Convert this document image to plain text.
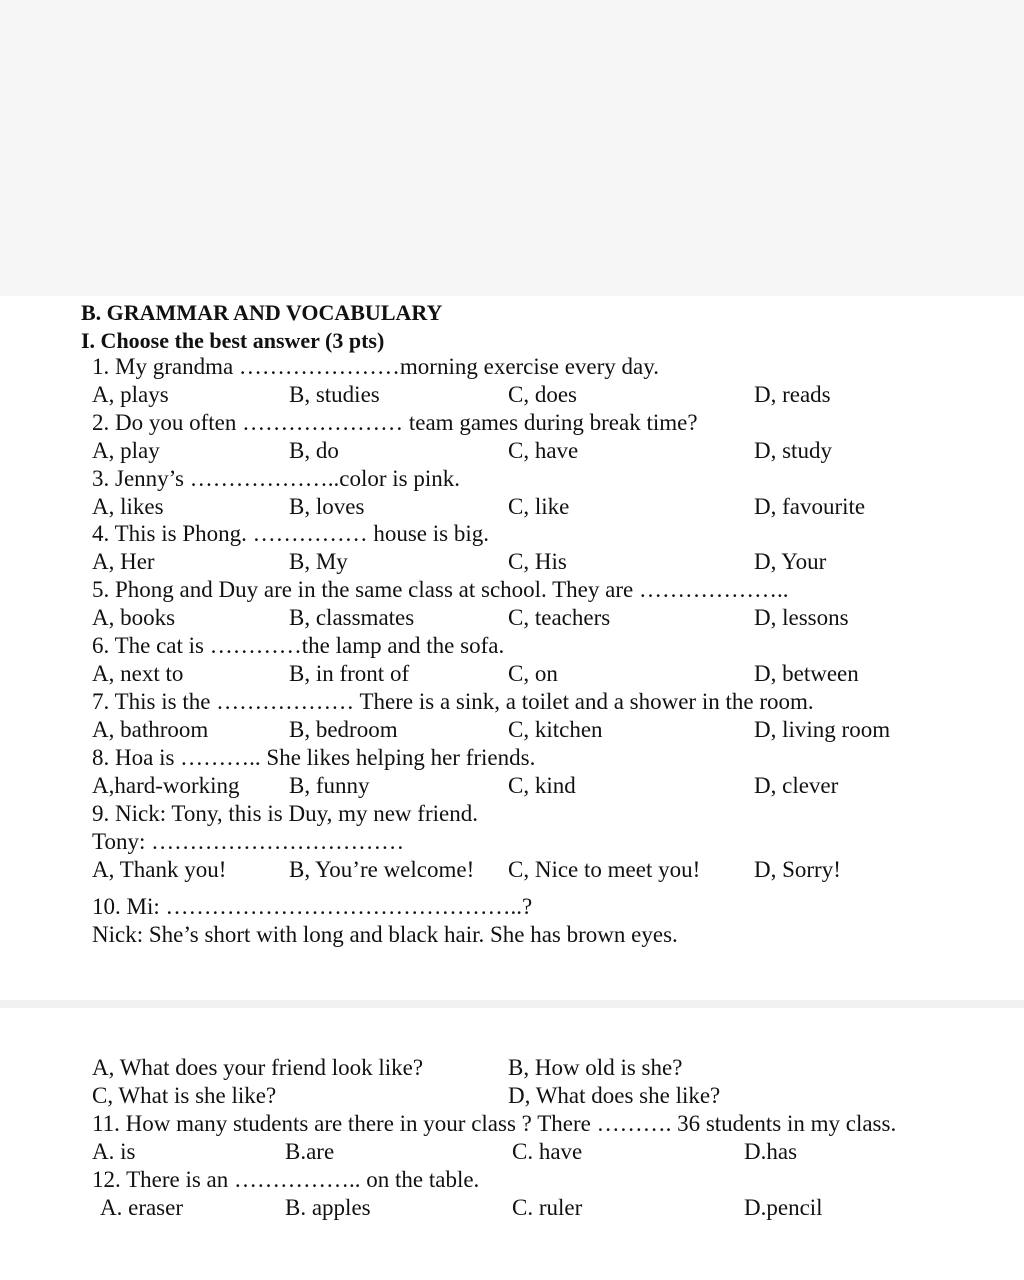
B. GRAMMAR AND VOCABULARY
I. Choose the best answer (3 pts)
1. My grandma …………………morning exercise every day.
A, plays	B, studies	C, does	D, reads
2. Do you often ………………… team games during break time?
A, play	B, do	C, have	D, study
3. Jenny’s ………………..color is pink.
A, likes	B, loves	C, like	D, favourite
4. This is Phong. …………… house is big.
A, Her	B, My	C, His	D, Your
5. Phong and Duy are in the same class at school. They are ………………..
A, books	B, classmates	C, teachers	D, lessons
6. The cat is …………the lamp and the sofa.
A, next to	B, in front of	C, on	D, between
7. This is the ……………… There is a sink, a toilet and a shower in the room.
A, bathroom	B, bedroom	C, kitchen	D, living room
8. Hoa is ……….. She likes helping her friends.
A,hard-working B, funny	C, kind	D, clever
9. Nick: Tony, this is Duy, my new friend.
Tony: ……………………………
A, Thank you!	B, You’re welcome! C, Nice to meet you! D, Sorry!
10. Mi: ………………………………………..?
Nick: She’s short with long and black hair. She has brown eyes.
A, What does your friend look like?	B, How old is she?
C, What is she like?	D, What does she like?
11. How many students are there in your class ? There ………. 36 students in my class.
A. is	B.are	C. have	D.has
12. There is an …………….. on the table.
A. eraser	B. apples	C. ruler	D.pencil
